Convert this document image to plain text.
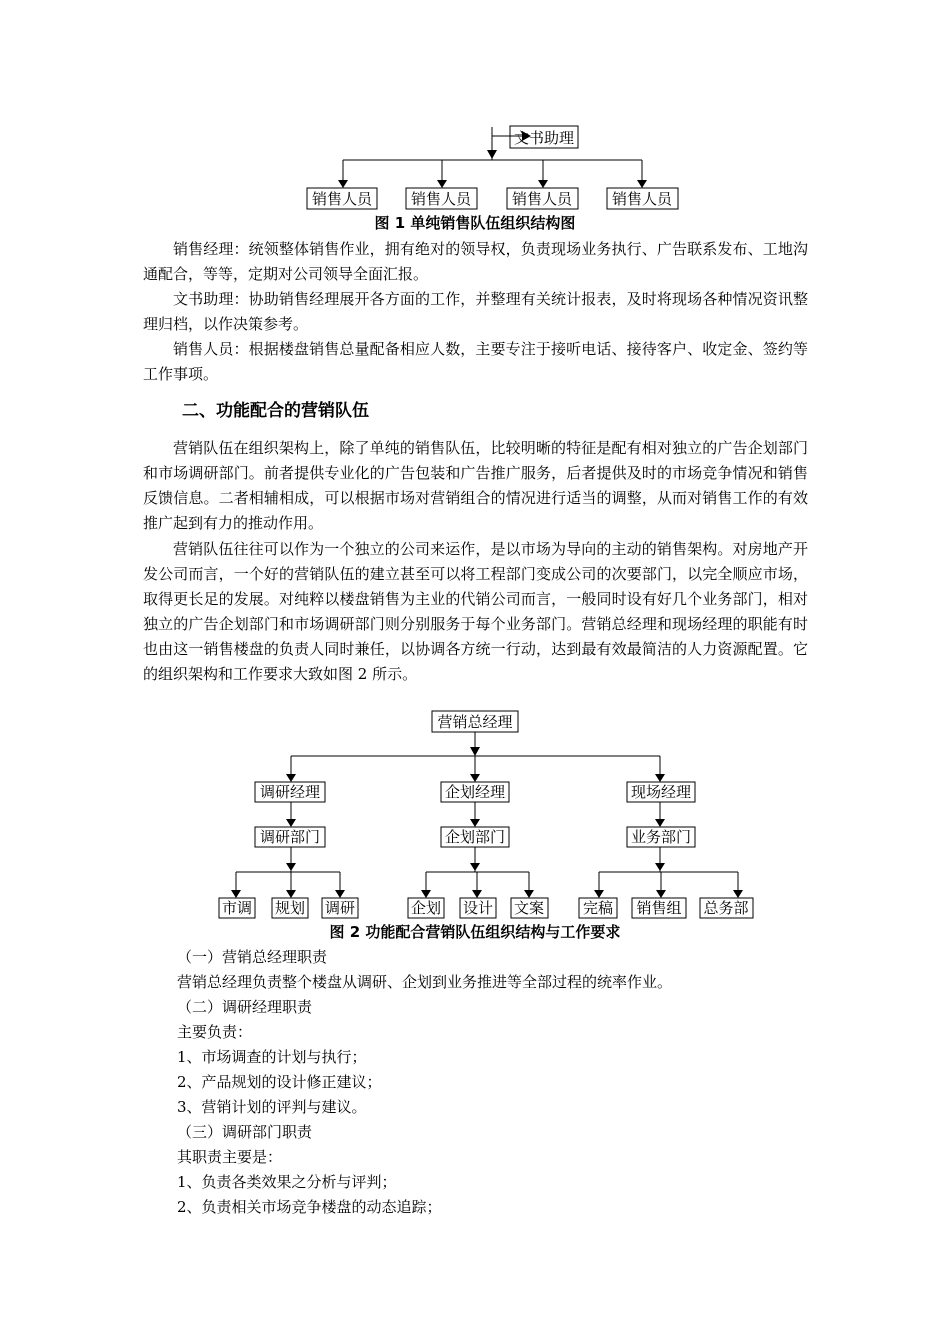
文书助理
销售人员	销售人员	销售人员	销售人员
图 1 单纯销售队伍组织结构图

销售经理：统领整体销售作业，拥有绝对的领导权，负责现场业务执行、广告联系发布、工地沟通配合，等等，定期对公司领导全面汇报。

文书助理：协助销售经理展开各方面的工作，并整理有关统计报表，及时将现场各种情况资讯整理归档，以作决策参考。

销售人员：根据楼盘销售总量配备相应人数，主要专注于接听电话、接待客户、收定金、签约等工作事项。

二、功能配合的营销队伍

营销队伍在组织架构上，除了单纯的销售队伍，比较明晰的特征是配有相对独立的广告企划部门和市场调研部门。前者提供专业化的广告包装和广告推广服务，后者提供及时的市场竞争情况和销售反馈信息。二者相辅相成，可以根据市场对营销组合的情况进行适当的调整，从而对销售工作的有效推广起到有力的推动作用。

营销队伍往往可以作为一个独立的公司来运作，是以市场为导向的主动的销售架构。对房地产开发公司而言，一个好的营销队伍的建立甚至可以将工程部门变成公司的次要部门，以完全顺应市场，取得更长足的发展。对纯粹以楼盘销售为主业的代销公司而言，一般同时设有好几个业务部门，相对独立的广告企划部门和市场调研部门则分别服务于每个业务部门。营销总经理和现场经理的职能有时也由这一销售楼盘的负责人同时兼任，以协调各方统一行动，达到最有效最简洁的人力资源配置。它的组织架构和工作要求大致如图 2 所示。

营销总经理
调研经理	企划经理	现场经理
调研部门	企划部门	业务部门
市调 规划 调研	企划 设计 文案	完稿 销售组 总务部
图 2 功能配合营销队伍组织结构与工作要求

（一）营销总经理职责

营销总经理负责整个楼盘从调研、企划到业务推进等全部过程的统率作业。

（二）调研经理职责

主要负责：

1、市场调查的计划与执行；

2、产品规划的设计修正建议；

3、营销计划的评判与建议。

（三）调研部门职责

其职责主要是：

1、负责各类效果之分析与评判；

2、负责相关市场竞争楼盘的动态追踪；
